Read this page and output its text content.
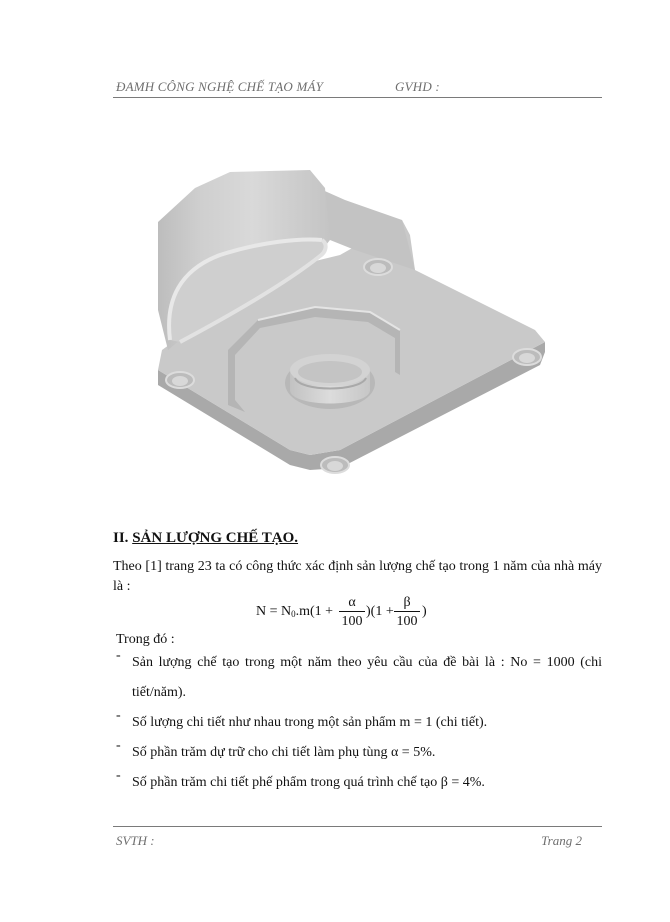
ĐAMH CÔNG NGHỆ CHẾ TẠO MÁY	GVHD :
II. SẢN LƯỢNG CHẾ TẠO.
Theo [1] trang 23 ta có công thức xác định sản lượng chế tạo trong 1 năm của nhà máy là :
$N = N_0.m(1$ +
α
100
)(1 +
β
100
)
Trong đó :
- Sản lượng chế tạo trong một năm theo yêu cầu của đề bài là : No = 1000 (chi tiết/năm).
- Số lượng chi tiết như nhau trong một sản phẩm m = 1 (chi tiết).
- Số phần trăm dự trữ cho chi tiết làm phụ tùng α = 5%.
- Số phần trăm chi tiết phế phẩm trong quá trình chế tạo β = 4%.
SVTH :	Trang 2
